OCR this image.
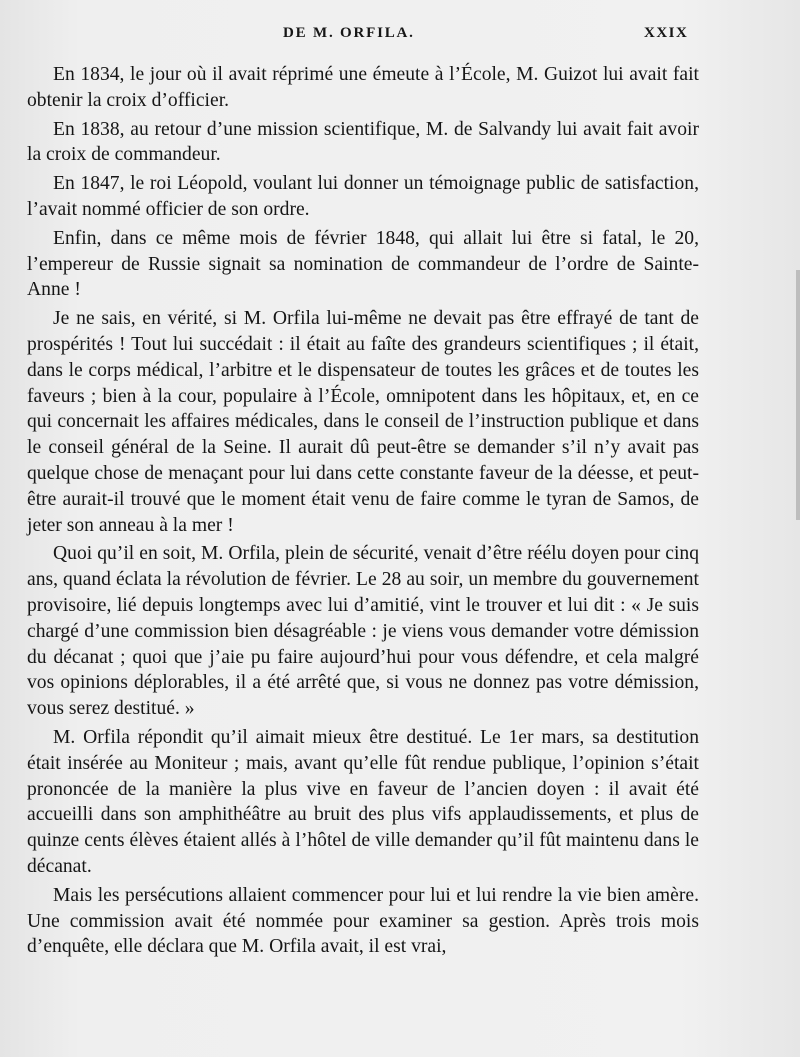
DE M. ORFILA.	XXIX

En 1834, le jour où il avait réprimé une émeute à l’École, M. Guizot lui avait fait obtenir la croix d’officier.

En 1838, au retour d’une mission scientifique, M. de Salvandy lui avait fait avoir la croix de commandeur.

En 1847, le roi Léopold, voulant lui donner un témoignage public de satisfaction, l’avait nommé officier de son ordre.

Enfin, dans ce même mois de février 1848, qui allait lui être si fatal, le 20, l’empereur de Russie signait sa nomination de commandeur de l’ordre de Sainte-Anne !

Je ne sais, en vérité, si M. Orfila lui-même ne devait pas être effrayé de tant de prospérités ! Tout lui succédait : il était au faîte des grandeurs scientifiques ; il était, dans le corps médical, l’arbitre et le dispensateur de toutes les grâces et de toutes les faveurs ; bien à la cour, populaire à l’École, omnipotent dans les hôpitaux, et, en ce qui concernait les affaires médicales, dans le conseil de l’instruction publique et dans le conseil général de la Seine. Il aurait dû peut-être se demander s’il n’y avait pas quelque chose de menaçant pour lui dans cette constante faveur de la déesse, et peut-être aurait-il trouvé que le moment était venu de faire comme le tyran de Samos, de jeter son anneau à la mer !

Quoi qu’il en soit, M. Orfila, plein de sécurité, venait d’être réélu doyen pour cinq ans, quand éclata la révolution de février. Le 28 au soir, un membre du gouvernement provisoire, lié depuis longtemps avec lui d’amitié, vint le trouver et lui dit : « Je suis chargé d’une commission bien désagréable : je viens vous demander votre démission du décanat ; quoi que j’aie pu faire aujourd’hui pour vous défendre, et cela malgré vos opinions déplorables, il a été arrêté que, si vous ne donnez pas votre démission, vous serez destitué. »

M. Orfila répondit qu’il aimait mieux être destitué. Le 1er mars, sa destitution était insérée au Moniteur ; mais, avant qu’elle fût rendue publique, l’opinion s’était prononcée de la manière la plus vive en faveur de l’ancien doyen : il avait été accueilli dans son amphithéâtre au bruit des plus vifs applaudissements, et plus de quinze cents élèves étaient allés à l’hôtel de ville demander qu’il fût maintenu dans le décanat.

Mais les persécutions allaient commencer pour lui et lui rendre la vie bien amère. Une commission avait été nommée pour examiner sa gestion. Après trois mois d’enquête, elle déclara que M. Orfila avait, il est vrai,
